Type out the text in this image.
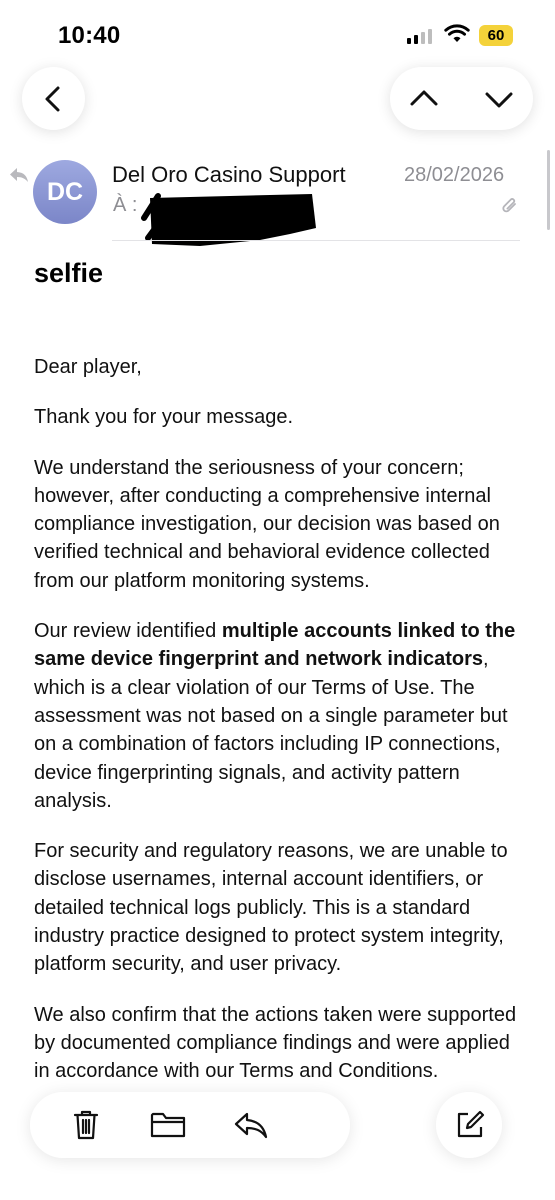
10:40	60
DC
Del Oro Casino Support	28/02/2026
À :
selfie

Dear player,

Thank you for your message.

We understand the seriousness of your concern; however, after conducting a comprehensive internal compliance investigation, our decision was based on verified technical and behavioral evidence collected from our platform monitoring systems.

Our review identified multiple accounts linked to the same device fingerprint and network indicators, which is a clear violation of our Terms of Use. The assessment was not based on a single parameter but on a combination of factors including IP connections, device fingerprinting signals, and activity pattern analysis.

For security and regulatory reasons, we are unable to disclose usernames, internal account identifiers, or detailed technical logs publicly. This is a standard industry practice designed to protect system integrity, platform security, and user privacy.

We also confirm that the actions taken were supported by documented compliance findings and were applied in accordance with our Terms and Conditions.
